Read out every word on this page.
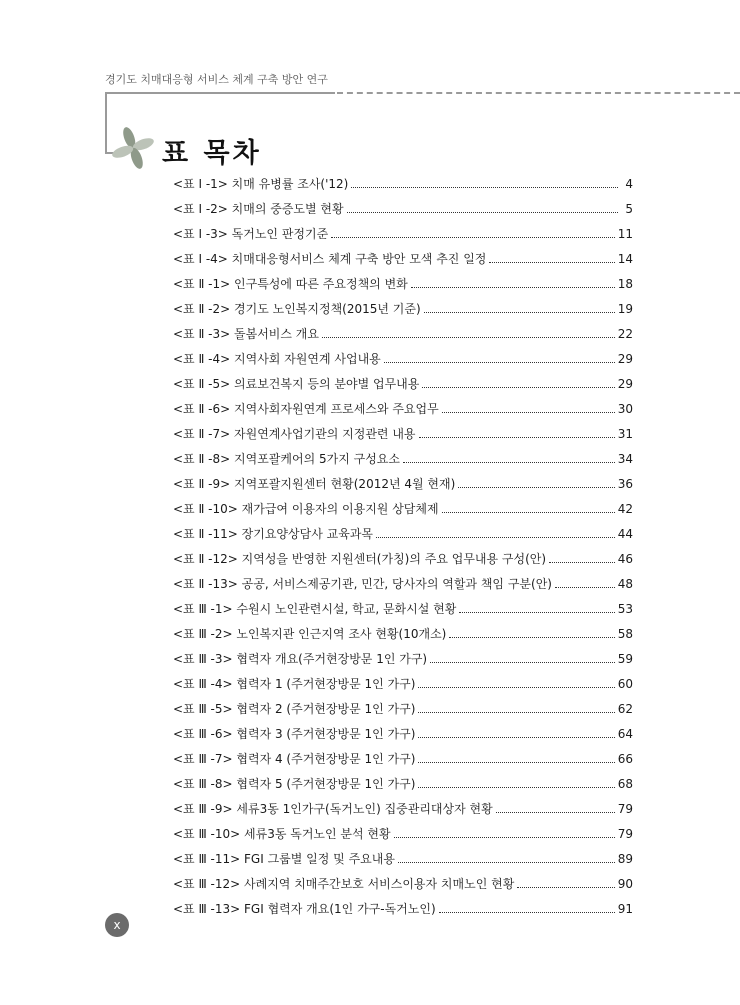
경기도 치매대응형 서비스 체계 구축 방안 연구
표 목차
<표 Ⅰ -1> 치매 유병률 조사('12)	4
<표 Ⅰ -2> 치매의 중증도별 현황	5
<표 Ⅰ -3> 독거노인 판정기준	11
<표 Ⅰ -4> 치매대응형서비스 체계 구축 방안 모색 추진 일정	14
<표 Ⅱ -1> 인구특성에 따른 주요정책의 변화	18
<표 Ⅱ -2> 경기도 노인복지정책(2015년 기준)	19
<표 Ⅱ -3> 돌봄서비스 개요	22
<표 Ⅱ -4> 지역사회 자원연계 사업내용	29
<표 Ⅱ -5> 의료보건복지 등의 분야별 업무내용	29
<표 Ⅱ -6> 지역사회자원연계 프로세스와 주요업무	30
<표 Ⅱ -7> 자원연계사업기관의 지정관련 내용	31
<표 Ⅱ -8> 지역포괄케어의 5가지 구성요소	34
<표 Ⅱ -9> 지역포괄지원센터 현황(2012년 4월 현재)	36
<표 Ⅱ -10> 재가급여 이용자의 이용지원 상담체제	42
<표 Ⅱ -11> 장기요양상담사 교육과목	44
<표 Ⅱ -12> 지역성을 반영한 지원센터(가칭)의 주요 업무내용 구성(안)	46
<표 Ⅱ -13> 공공, 서비스제공기관, 민간, 당사자의 역할과 책임 구분(안)	48
<표 Ⅲ -1> 수원시 노인관련시설, 학교, 문화시설 현황	53
<표 Ⅲ -2> 노인복지관 인근지역 조사 현황(10개소)	58
<표 Ⅲ -3> 협력자 개요(주거현장방문 1인 가구)	59
<표 Ⅲ -4> 협력자 1 (주거현장방문 1인 가구)	60
<표 Ⅲ -5> 협력자 2 (주거현장방문 1인 가구)	62
<표 Ⅲ -6> 협력자 3 (주거현장방문 1인 가구)	64
<표 Ⅲ -7> 협력자 4 (주거현장방문 1인 가구)	66
<표 Ⅲ -8> 협력자 5 (주거현장방문 1인 가구)	68
<표 Ⅲ -9> 세류3동 1인가구(독거노인) 집중관리대상자 현황	79
<표 Ⅲ -10> 세류3동 독거노인 분석 현황	79
<표 Ⅲ -11> FGI 그룹별 일정 및 주요내용	89
<표 Ⅲ -12> 사례지역 치매주간보호 서비스이용자 치매노인 현황	90
<표 Ⅲ -13> FGI 협력자 개요(1인 가구-독거노인)	91
x
